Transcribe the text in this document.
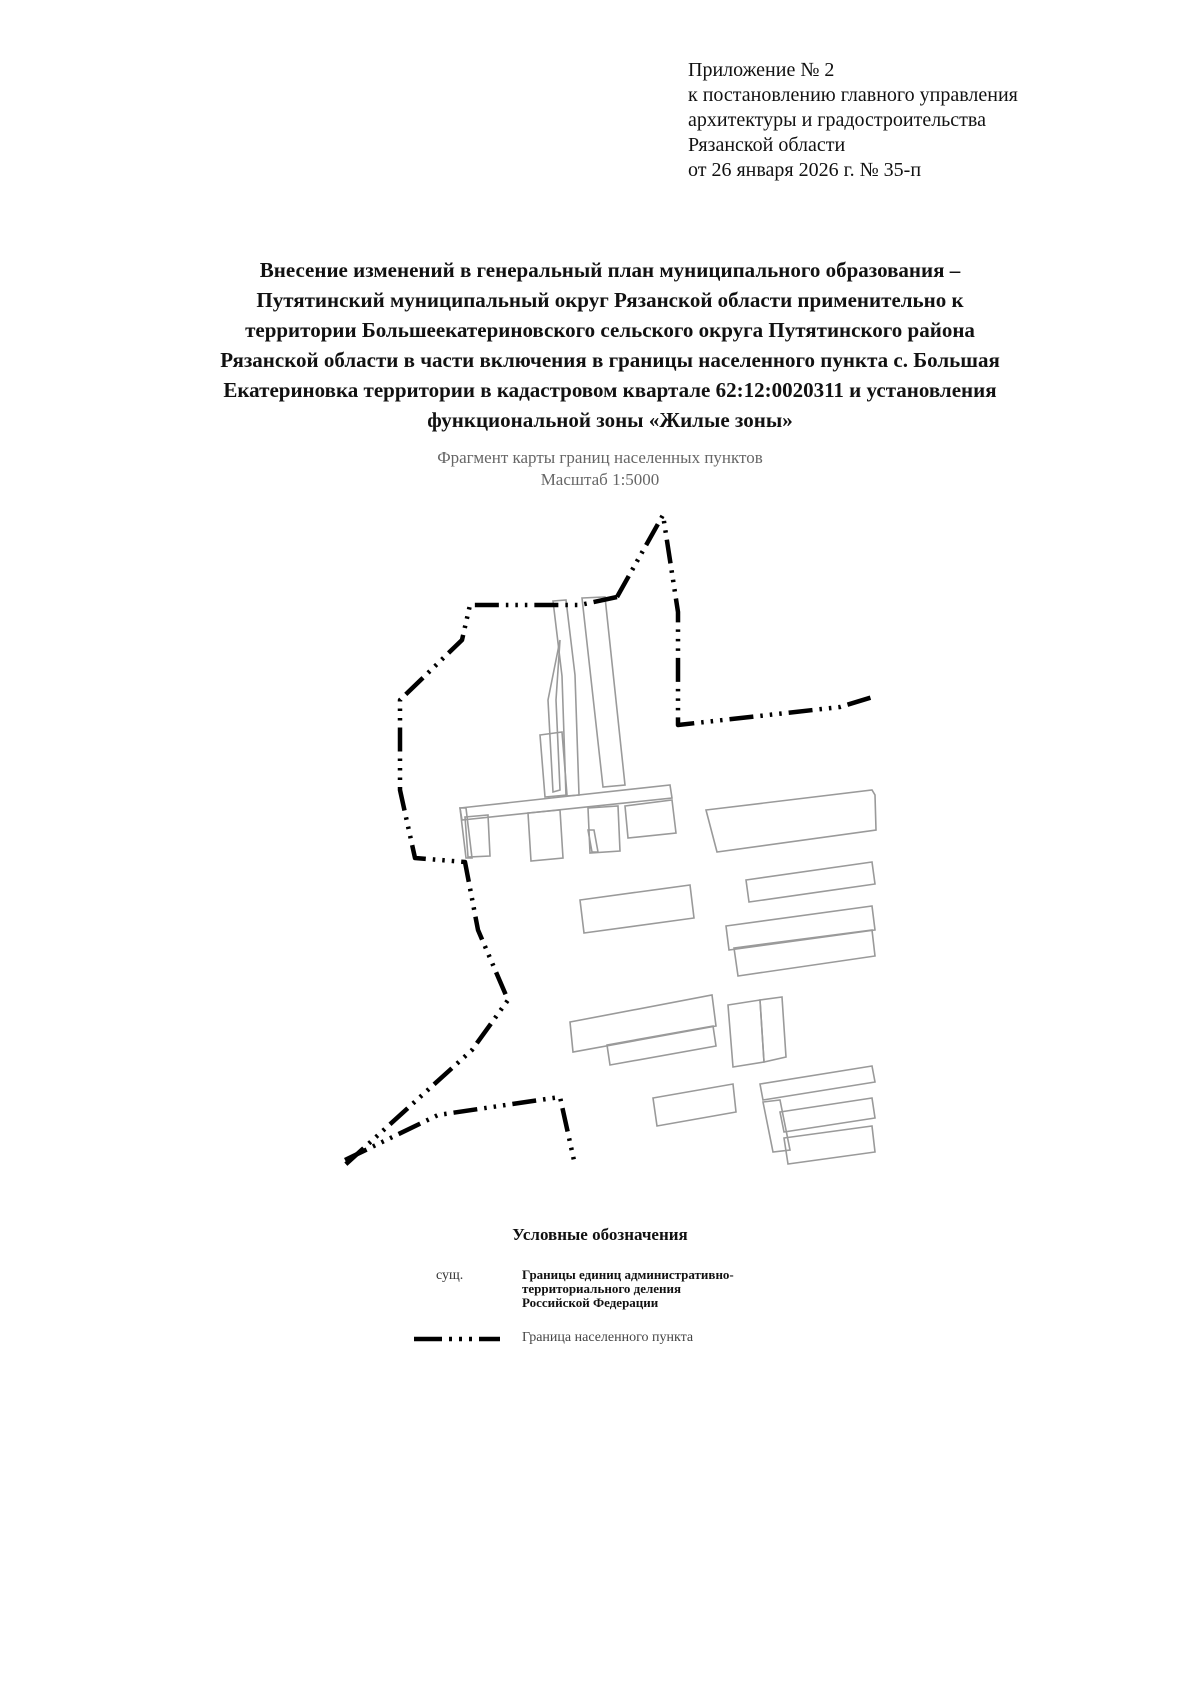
Приложение № 2
к постановлению главного управления
архитектуры и градостроительства
Рязанской области
от 26 января 2026 г. № 35-п
Внесение изменений в генеральный план муниципального образования –
Путятинский муниципальный округ Рязанской области применительно к
территории Большеекатериновского сельского округа Путятинского района
Рязанской области в части включения в границы населенного пункта с. Большая
Екатериновка территории в кадастровом квартале 62:12:0020311 и установления
функциональной зоны «Жилые зоны»
Фрагмент карты границ населенных пунктов
Масштаб 1:5000
Условные обозначения
сущ.	Границы единиц административно-
территориального деления
Российской Федерации
Граница населенного пункта
